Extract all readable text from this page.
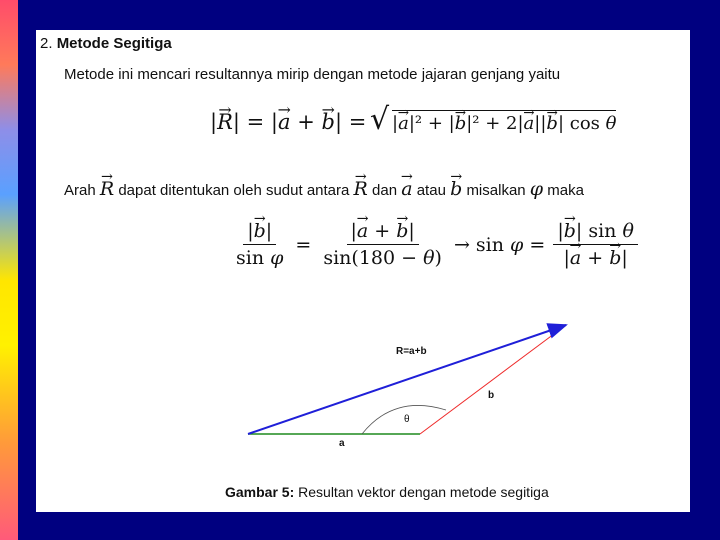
2. Metode Segitiga
Metode ini mencari resultannya mirip dengan metode jajaran genjang yaitu
|→ R| = |→ a + → b| = √ |→ a|² + |→ b|² + 2|→ a||→ b| cos θ
Arah → R dapat ditentukan oleh sudut antara → R dan → a atau → b misalkan φ maka
$\frac{|\to b|}{\text{sin φ}} = \frac{|\to a + \to b|}{\sin(180 - \theta)} \to \sin \varphi = \frac{\text{|→ b| sin θ}}{|\to a + \to b|}$
R=a+b
b
θ
a
Gambar 5: Resultan vektor dengan metode segitiga
